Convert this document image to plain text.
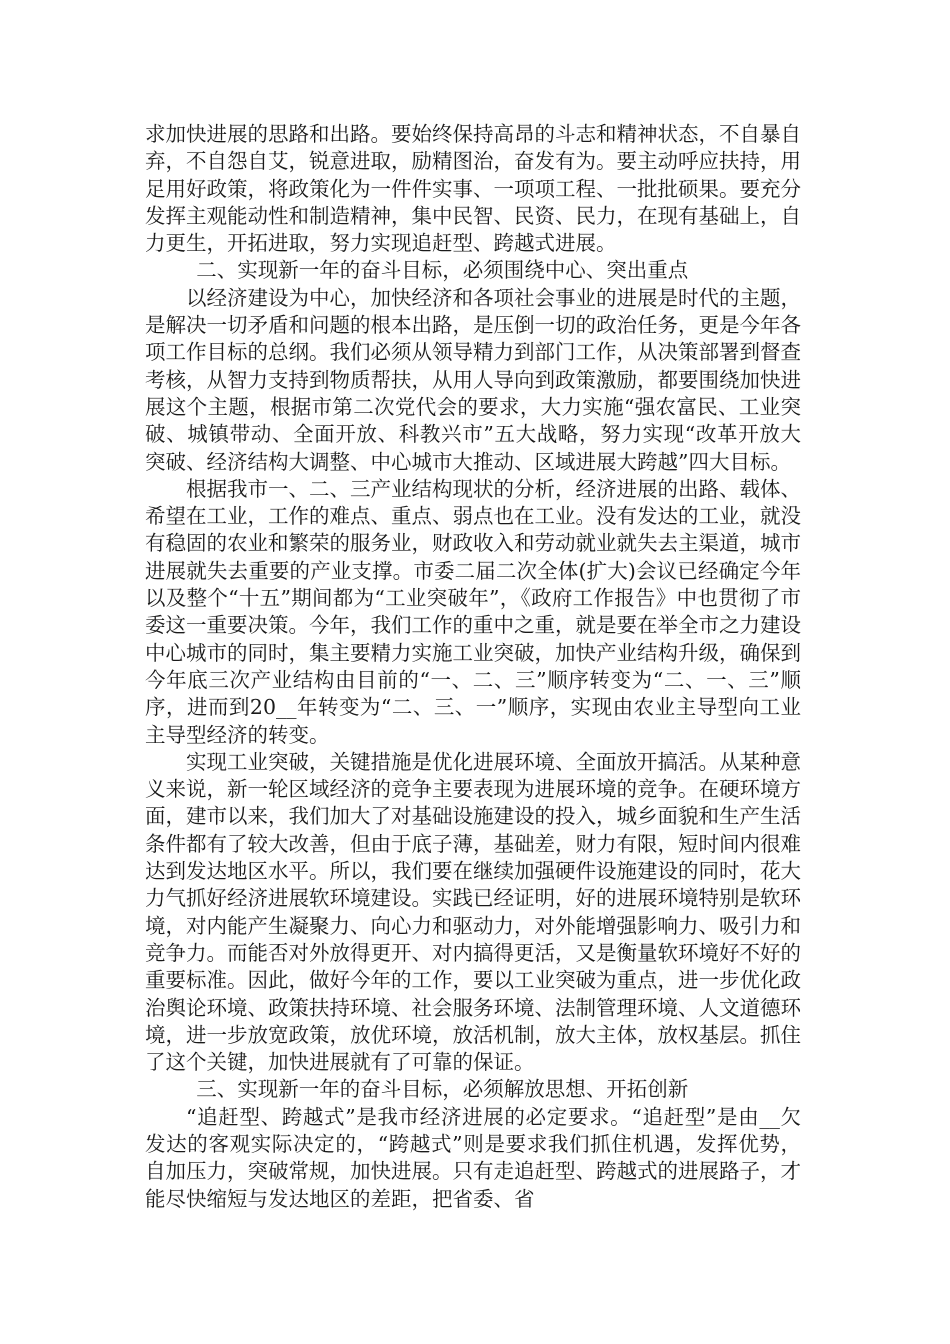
求加快进展的思路和出路。要始终保持高昂的斗志和精神状态，不自暴自弃，不自怨自艾，锐意进取，励精图治，奋发有为。要主动呼应扶持，用足用好政策，将政策化为一件件实事、一项项工程、一批批硕果。要充分发挥主观能动性和制造精神，集中民智、民资、民力，在现有基础上，自力更生，开拓进取，努力实现追赶型、跨越式进展。

二、实现新一年的奋斗目标，必须围绕中心、突出重点

以经济建设为中心，加快经济和各项社会事业的进展是时代的主题，是解决一切矛盾和问题的根本出路，是压倒一切的政治任务，更是今年各项工作目标的总纲。我们必须从领导精力到部门工作，从决策部署到督查考核，从智力支持到物质帮扶，从用人导向到政策激励，都要围绕加快进展这个主题，根据市第二次党代会的要求，大力实施“强农富民、工业突破、城镇带动、全面开放、科教兴市”五大战略，努力实现“改革开放大突破、经济结构大调整、中心城市大推动、区域进展大跨越”四大目标。

根据我市一、二、三产业结构现状的分析，经济进展的出路、载体、希望在工业，工作的难点、重点、弱点也在工业。没有发达的工业，就没有稳固的农业和繁荣的服务业，财政收入和劳动就业就失去主渠道，城市进展就失去重要的产业支撑。市委二届二次全体(扩大)会议已经确定今年以及整个“十五”期间都为“工业突破年”，《政府工作报告》中也贯彻了市委这一重要决策。今年，我们工作的重中之重，就是要在举全市之力建设中心城市的同时，集主要精力实施工业突破，加快产业结构升级，确保到今年底三次产业结构由目前的“一、二、三”顺序转变为“二、一、三”顺序，进而到20__年转变为“二、三、一”顺序，实现由农业主导型向工业主导型经济的转变。

实现工业突破，关键措施是优化进展环境、全面放开搞活。从某种意义来说，新一轮区域经济的竞争主要表现为进展环境的竞争。在硬环境方面，建市以来，我们加大了对基础设施建设的投入，城乡面貌和生产生活条件都有了较大改善，但由于底子薄，基础差，财力有限，短时间内很难达到发达地区水平。所以，我们要在继续加强硬件设施建设的同时，花大力气抓好经济进展软环境建设。实践已经证明，好的进展环境特别是软环境，对内能产生凝聚力、向心力和驱动力，对外能增强影响力、吸引力和竞争力。而能否对外放得更开、对内搞得更活，又是衡量软环境好不好的重要标准。因此，做好今年的工作，要以工业突破为重点，进一步优化政治舆论环境、政策扶持环境、社会服务环境、法制管理环境、人文道德环境，进一步放宽政策，放优环境，放活机制，放大主体，放权基层。抓住了这个关键，加快进展就有了可靠的保证。

三、实现新一年的奋斗目标，必须解放思想、开拓创新

“追赶型、跨越式”是我市经济进展的必定要求。“追赶型”是由__欠发达的客观实际决定的，“跨越式”则是要求我们抓住机遇，发挥优势，自加压力，突破常规，加快进展。只有走追赶型、跨越式的进展路子，才能尽快缩短与发达地区的差距，把省委、省
